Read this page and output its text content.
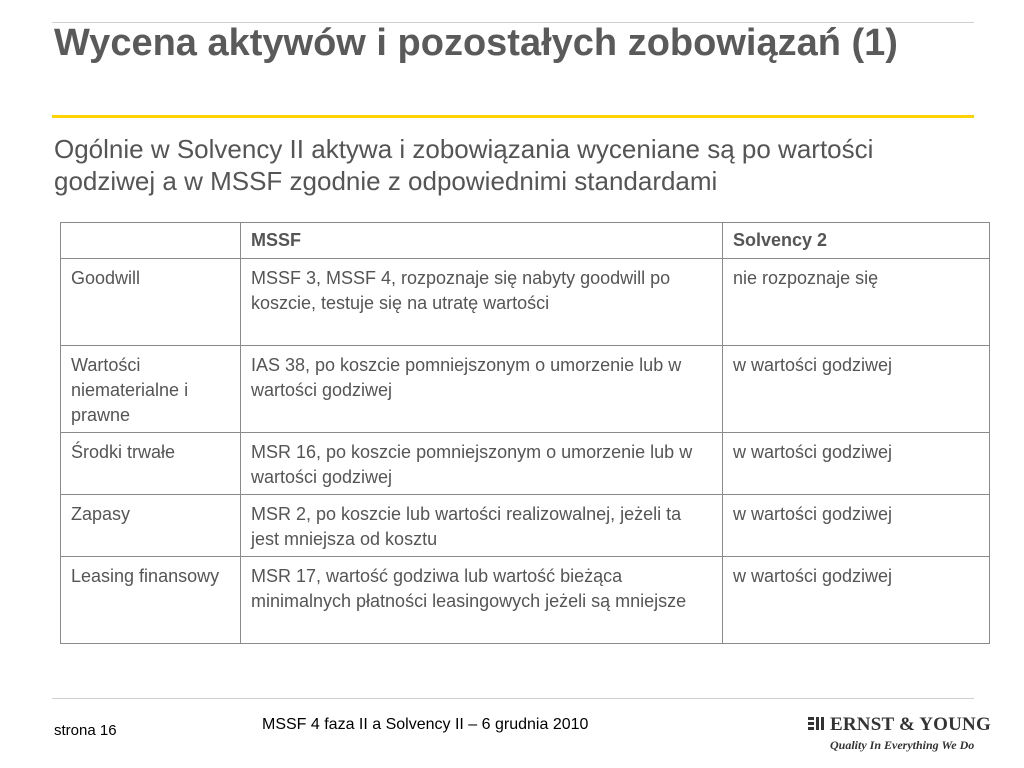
Wycena aktywów i pozostałych zobowiązań (1)
Ogólnie w Solvency II aktywa i zobowiązania wyceniane są po wartości godziwej a w MSSF zgodnie z odpowiednimi standardami
	MSSF	Solvency 2
Goodwill	MSSF 3, MSSF 4, rozpoznaje się nabyty goodwill po koszcie, testuje się na utratę wartości	nie rozpoznaje się
Wartości niematerialne i prawne	IAS 38, po koszcie pomniejszonym o umorzenie lub w wartości godziwej	w wartości godziwej
Środki trwałe	MSR 16, po koszcie pomniejszonym o umorzenie lub w wartości godziwej	w wartości godziwej
Zapasy	MSR 2, po koszcie lub wartości realizowalnej, jeżeli ta jest mniejsza od kosztu	w wartości godziwej
Leasing finansowy	MSR 17, wartość godziwa lub wartość bieżąca minimalnych płatności leasingowych jeżeli są mniejsze	w wartości godziwej
strona 16	MSSF 4 faza II a Solvency II – 6 grudnia 2010	ERNST & YOUNG
Quality In Everything We Do
